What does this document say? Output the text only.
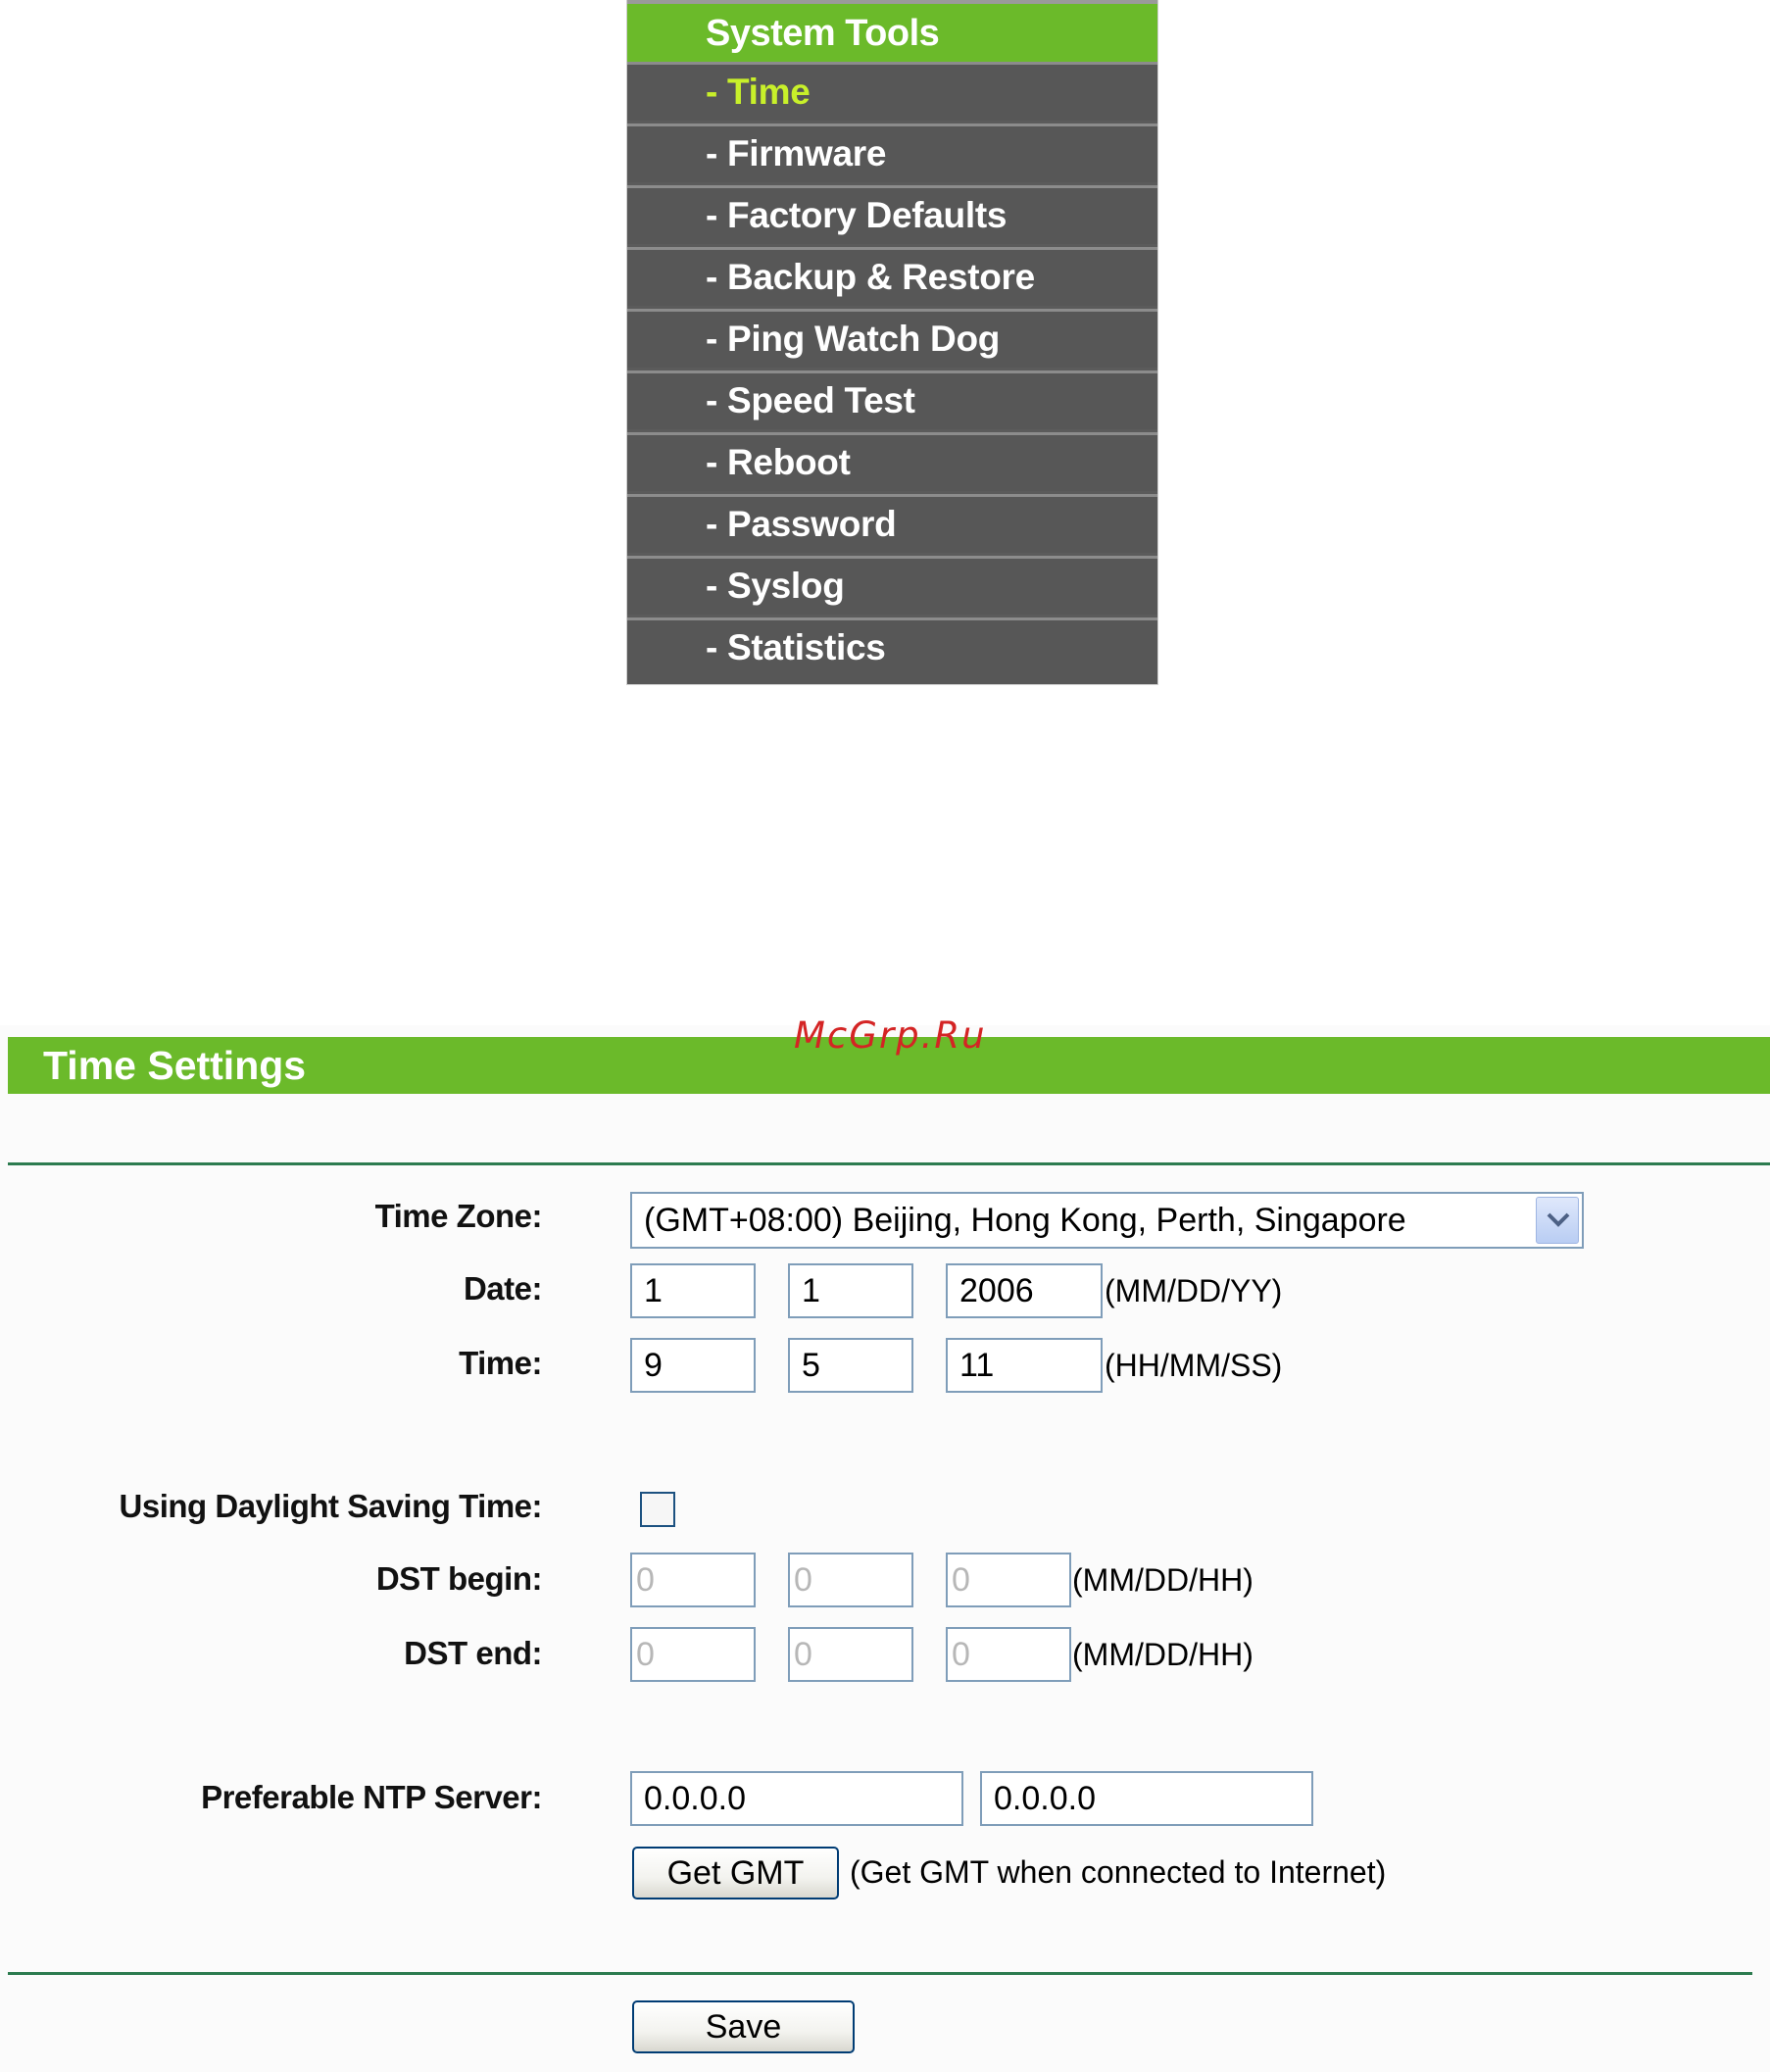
System Tools
- Time
- Firmware
- Factory Defaults
- Backup & Restore
- Ping Watch Dog
- Speed Test
- Reboot
- Password
- Syslog
- Statistics
Time Settings
McGrp.Ru
Time Zone:	(GMT+08:00) Beijing, Hong Kong, Perth, Singapore
Date:	1	1	2006	(MM/DD/YY)
Time:	9	5	11	(HH/MM/SS)
Using Daylight Saving Time:
DST begin:	0	0	0	(MM/DD/HH)
DST end:	0	0	0	(MM/DD/HH)
Preferable NTP Server:	0.0.0.0	0.0.0.0
Get GMT	(Get GMT when connected to Internet)
Save
